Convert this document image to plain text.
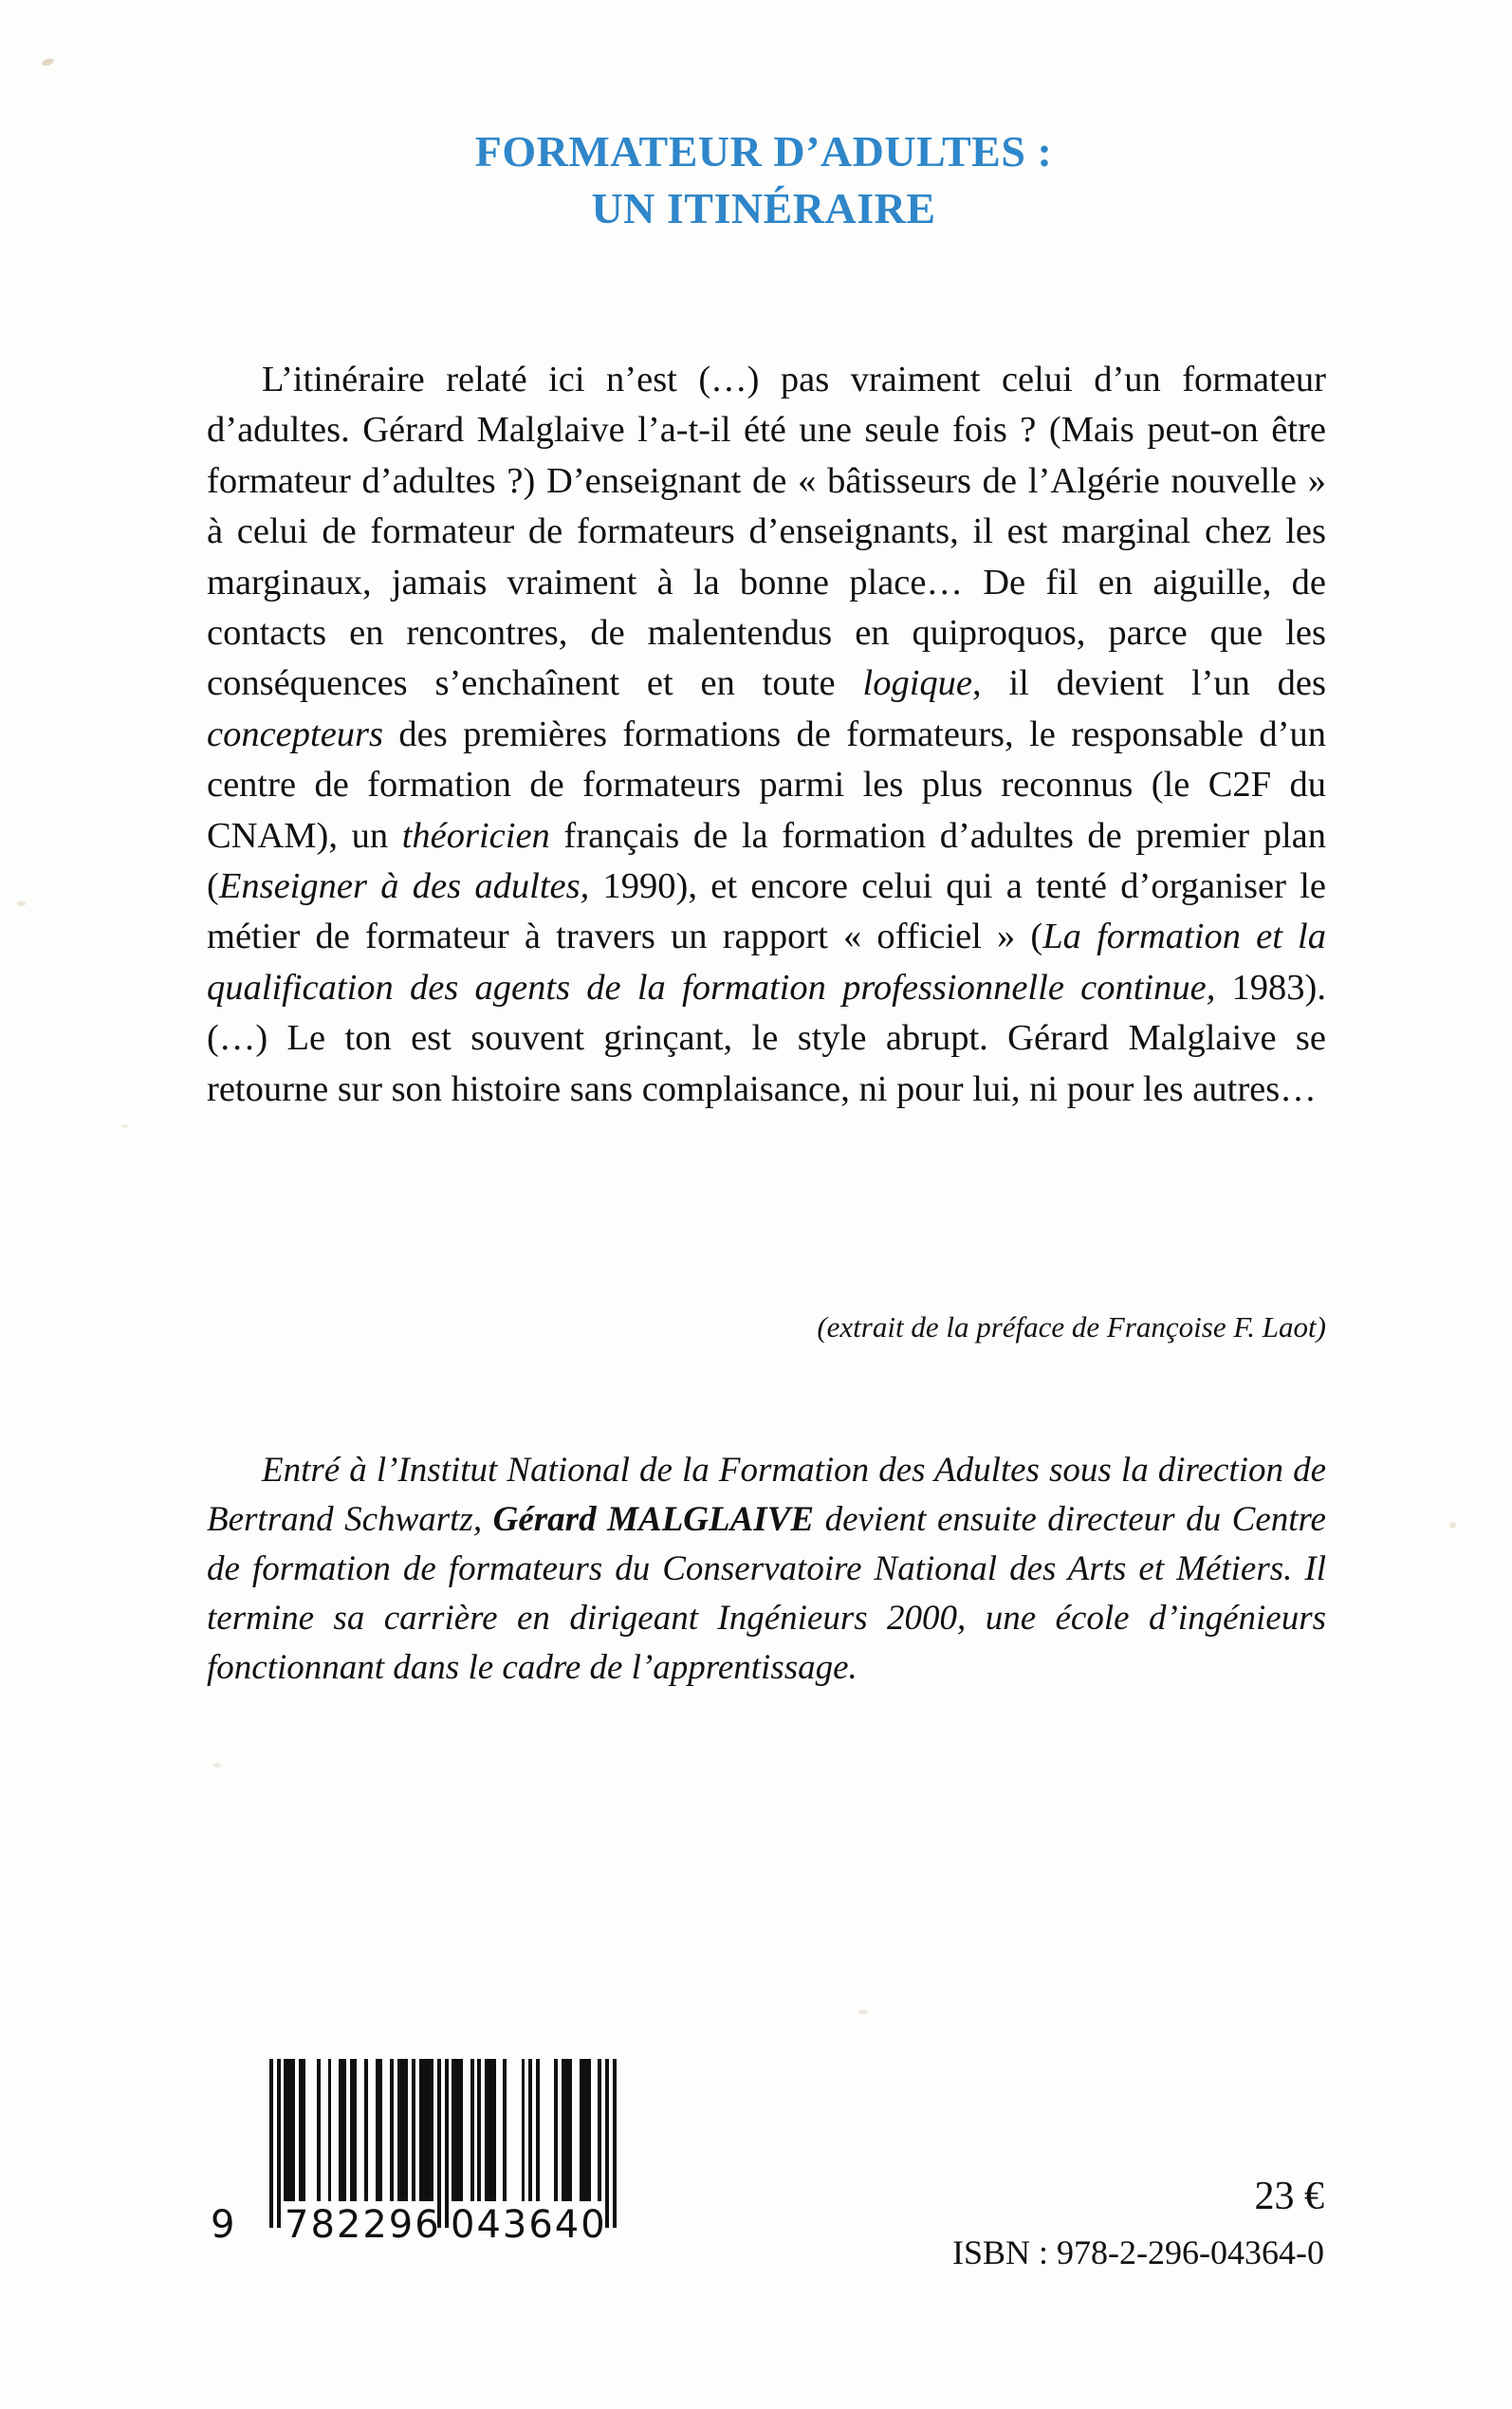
FORMATEUR D’ADULTES :
UN ITINÉRAIRE
L’itinéraire relaté ici n’est (…) pas vraiment celui d’un formateur d’adultes. Gérard Malglaive l’a-t-il été une seule fois ? (Mais peut-on être formateur d’adultes ?) D’enseignant de « bâtisseurs de l’Algérie nouvelle » à celui de formateur de formateurs d’enseignants, il est marginal chez les marginaux, jamais vraiment à la bonne place… De fil en aiguille, de contacts en rencontres, de malentendus en quiproquos, parce que les conséquences s’enchaînent et en toute logique, il devient l’un des concepteurs des premières formations de formateurs, le responsable d’un centre de formation de formateurs parmi les plus reconnus (le C2F du CNAM), un théoricien français de la formation d’adultes de premier plan (Enseigner à des adultes, 1990), et encore celui qui a tenté d’organiser le métier de formateur à travers un rapport « officiel » (La formation et la qualification des agents de la formation professionnelle continue, 1983). (…) Le ton est souvent grinçant, le style abrupt. Gérard Malglaive se retourne sur son histoire sans complaisance, ni pour lui, ni pour les autres…
(extrait de la préface de Françoise F. Laot)
Entré à l’Institut National de la Formation des Adultes sous la direction de Bertrand Schwartz, Gérard MALGLAIVE devient ensuite directeur du Centre de formation de formateurs du Conservatoire National des Arts et Métiers. Il termine sa carrière en dirigeant Ingénieurs 2000, une école d’ingénieurs fonctionnant dans le cadre de l’apprentissage.
9 782296 043640
23 €
ISBN : 978-2-296-04364-0
